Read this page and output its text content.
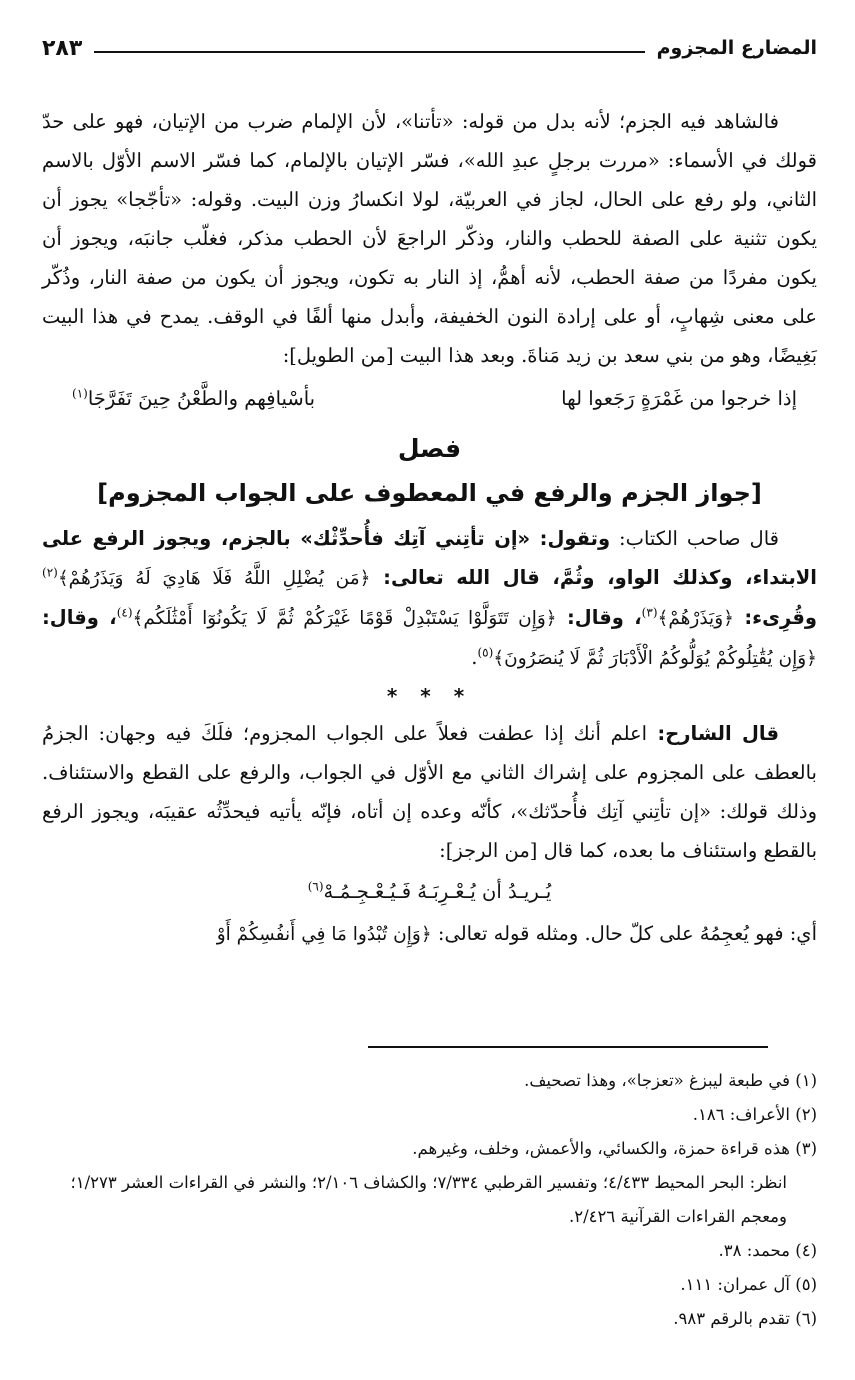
المضارع المجزوم
٢٨٣

فالشاهد فيه الجزم؛ لأنه بدل من قوله: «تأتنا»، لأن الإلمام ضرب من الإتيان، فهو على حدّ قولك في الأسماء: «مررت برجلٍ عبدِ الله»، فسّر الإتيان بالإلمام، كما فسّر الاسم الأوّل بالاسم الثاني، ولو رفع على الحال، لجاز في العربيّة، لولا انكسارُ وزن البيت. وقوله: «تأجّجا» يجوز أن يكون تثنية على الصفة للحطب والنار، وذكّر الراجعَ لأن الحطب مذكر، فغلّب جانبَه، ويجوز أن يكون مفردًا من صفة الحطب، لأنه أهمُّ، إذ النار به تكون، ويجوز أن يكون من صفة النار، وذُكّر على معنى شِهابٍ، أو على إرادة النون الخفيفة، وأبدل منها ألفًا في الوقف. يمدح في هذا البيت بَغِيضًا، وهو من بني سعد بن زيد مَناةَ. وبعد هذا البيت [من الطويل]:

إذا خرجوا من غَمْرَةٍ رَجَعوا لها
بأسْيافِهم والطَّعْنُ حِينَ تَفَرَّجَا$^{(١)}$
فصل
[جواز الجزم والرفع في المعطوف على الجواب المجزوم]

قال صاحب الكتاب: وتقول: «إن تأتِني آتِك فأُحدِّثْك» بالجزم، ويجوز الرفع على الابتداء، وكذلك الواو، وثُمَّ، قال الله تعالى: ﴿مَن يُضْلِلِ اللَّهُ فَلَا هَادِيَ لَهُ وَيَذَرُهُمْ﴾$^{(٢)}$ وقُرِىء: ﴿وَيَذَرْهُمْ﴾$^{(٣)}$، وقال: ﴿وَإِن تَتَوَلَّوْا يَسْتَبْدِلْ قَوْمًا غَيْرَكُمْ ثُمَّ لَا يَكُونُوٓا أَمْثَٰلَكُم﴾$^{(٤)}$، وقال: ﴿وَإِن يُقَٰتِلُوكُمْ يُوَلُّوكُمُ الْأَدْبَارَ ثُمَّ لَا يُنصَرُونَ﴾$^{(٥)}$.

* * *

قال الشارح: اعلم أنك إذا عطفت فعلاً على الجواب المجزوم؛ فلَكَ فيه وجهان: الجزمُ بالعطف على المجزوم على إشراك الثاني مع الأوّل في الجواب، والرفع على القطع والاستئناف. وذلك قولك: «إن تأتِني آتِك فأُحدّثك»، كأنّه وعده إن أتاه، فإنّه يأتيه فيحدِّثُه عقيبَه، ويجوز الرفع بالقطع واستئناف ما بعده، كما قال [من الرجز]:

يُـريـدُ أن يُـعْـرِبَـهُ فَـيُـعْـجِـمُـهْ$^{(٦)}$

أي: فهو يُعجِمُهُ على كلّ حال. ومثله قوله تعالى: ﴿وَإِن تُبْدُوا مَا فِي أَنفُسِكُمْ أَوْ

(١) في طبعة ليبزغ «تعزجا»، وهذا تصحيف.

(٢) الأعراف: ١٨٦.

(٣) هذه قراءة حمزة، والكسائي، والأعمش، وخلف، وغيرهم.

انظر: البحر المحيط ٤/٤٣٣؛ وتفسير القرطبي ٧/٣٣٤؛ والكشاف ٢/١٠٦؛ والنشر في القراءات العشر ١/٢٧٣؛ ومعجم القراءات القرآنية ٢/٤٢٦.

(٤) محمد: ٣٨.

(٥) آل عمران: ١١١.

(٦) تقدم بالرقم ٩٨٣.
